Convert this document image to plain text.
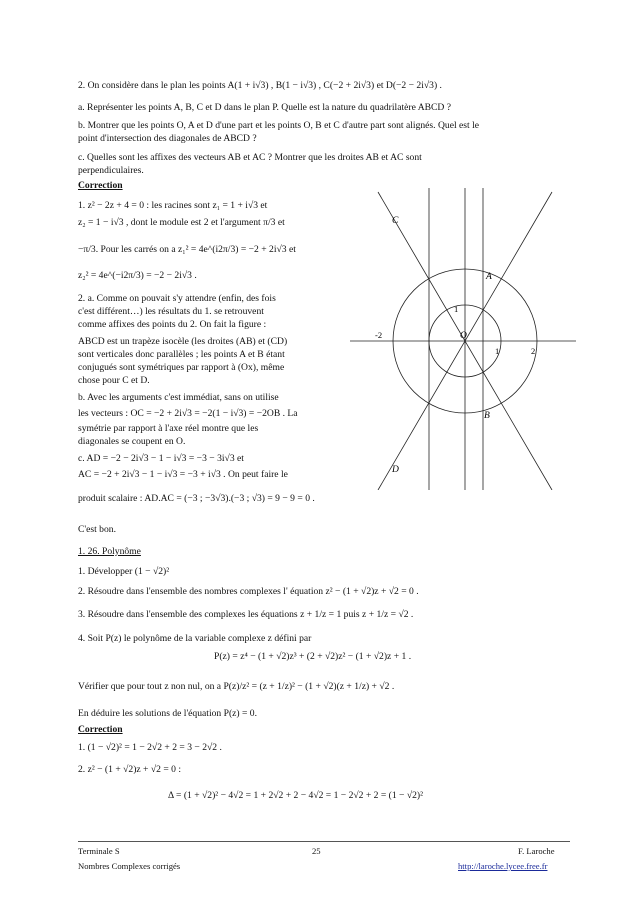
2. On considère dans le plan les points A(1 + i√3) , B(1 − i√3) , C(−2 + 2i√3) et D(−2 − 2i√3) .
a. Représenter les points A, B, C et D dans le plan P. Quelle est la nature du quadrilatère ABCD ?
b. Montrer que les points O, A et D d'une part et les points O, B et C d'autre part sont alignés. Quel est le
point d'intersection des diagonales de ABCD ?
c. Quelles sont les affixes des vecteurs AB et AC ? Montrer que les droites AB et AC sont
perpendiculaires.
Correction
1. z² − 2z + 4 = 0 : les racines sont z₁ = 1 + i√3 et
z₂ = 1 − i√3 , dont le module est 2 et l'argument π/3 et
−π/3. Pour les carrés on a z₁² = 4e^(i2π/3) = −2 + 2i√3 et
z₂² = 4e^(−i2π/3) = −2 − 2i√3 .
2. a. Comme on pouvait s'y attendre (enfin, des fois
c'est différent…) les résultats du 1. se retrouvent
comme affixes des points du 2. On fait la figure :
ABCD est un trapèze isocèle (les droites (AB) et (CD)
sont verticales donc parallèles ; les points A et B étant
conjugués sont symétriques par rapport à (Ox), même
chose pour C et D.
b. Avec les arguments c'est immédiat, sans on utilise
les vecteurs : OC = −2 + 2i√3 = −2(1 − i√3) = −2OB . La
symétrie par rapport à l'axe réel montre que les
diagonales se coupent en O.
c. AD = −2 − 2i√3 − 1 − i√3 = −3 − 3i√3 et
AC = −2 + 2i√3 − 1 − i√3 = −3 + i√3 . On peut faire le
produit scalaire : AD.AC = (−3 ; −3√3).(−3 ; √3) = 9 − 9 = 0 .
C'est bon.
1. 26. Polynôme
1. Développer (1 − √2)²
2. Résoudre dans l'ensemble des nombres complexes l' équation z² − (1 + √2)z + √2 = 0 .
3. Résoudre dans l'ensemble des complexes les équations z + 1/z = 1 puis z + 1/z = √2 .
4. Soit P(z) le polynôme de la variable complexe z défini par
P(z) = z⁴ − (1 + √2)z³ + (2 + √2)z² − (1 + √2)z + 1 .
Vérifier que pour tout z non nul, on a P(z)/z² = (z + 1/z)² − (1 + √2)(z + 1/z) + √2 .
En déduire les solutions de l'équation P(z) = 0.
Correction
1. (1 − √2)² = 1 − 2√2 + 2 = 3 − 2√2 .
2. z² − (1 + √2)z + √2 = 0 :
Δ = (1 + √2)² − 4√2 = 1 + 2√2 + 2 − 4√2 = 1 − 2√2 + 2 = (1 − √2)²
C
A
B
D
O
1
-2
1	2
Terminale S
Nombres Complexes corrigés
25	F. Laroche
http://laroche.lycee.free.fr
